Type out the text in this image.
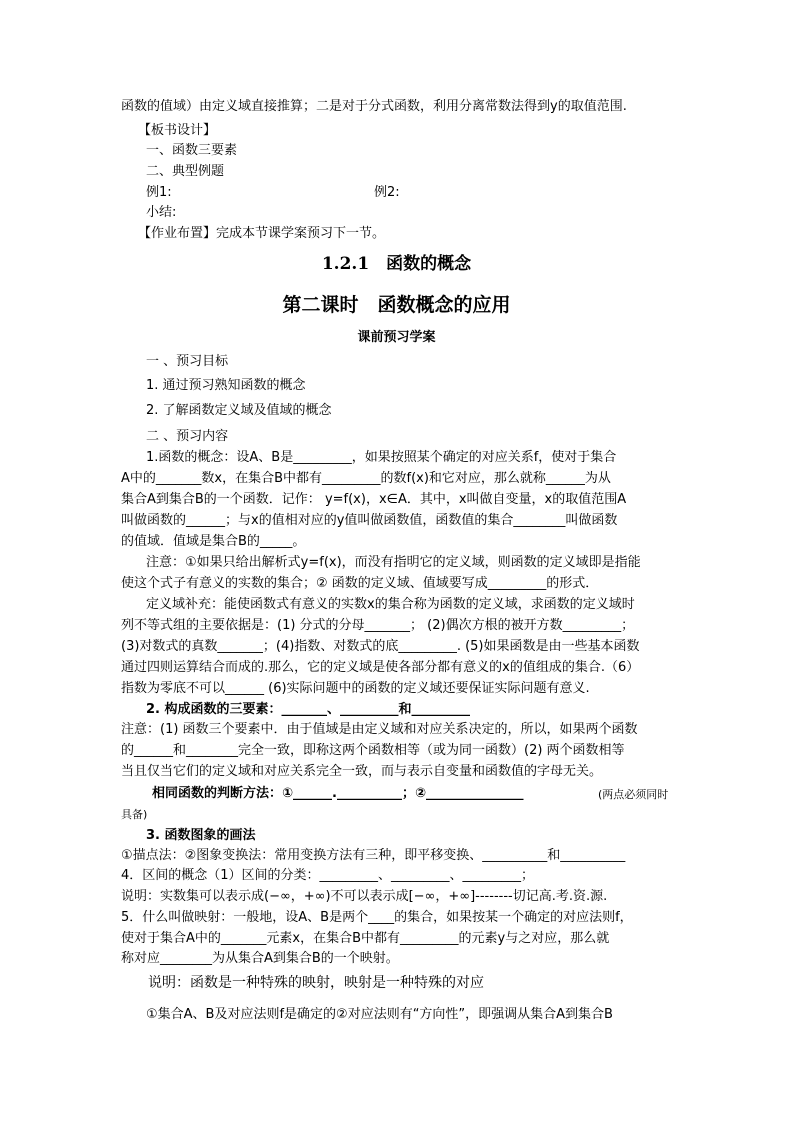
函数的值域）由定义域直接推算；二是对于分式函数，利用分离常数法得到y的取值范围.
【板书设计】
一、函数三要素
二、典型例题
例1:	例2:
小结:
【作业布置】完成本节课学案预习下一节。
1.2.1　函数的概念
第二课时　函数概念的应用
课前预习学案
一 、预习目标
1. 通过预习熟知函数的概念
2. 了解函数定义域及值域的概念
二 、预习内容
1.函数的概念：设A、B是_________，如果按照某个确定的对应关系f，使对于集合
A中的_______数x，在集合B中都有_________的数f(x)和它对应，那么就称______为从
集合A到集合B的一个函数．记作： y=f(x)，x∈A．其中，x叫做自变量，x的取值范围A
叫做函数的______；与x的值相对应的y值叫做函数值，函数值的集合________叫做函数
的值域．值域是集合B的_____。
注意：①如果只给出解析式y=f(x)，而没有指明它的定义域，则函数的定义域即是指能
使这个式子有意义的实数的集合；② 函数的定义域、值域要写成_________的形式．
定义域补充：能使函数式有意义的实数x的集合称为函数的定义域，求函数的定义域时
列不等式组的主要依据是：(1) 分式的分母_______； (2)偶次方根的被开方数_________；
(3)对数式的真数_______；(4)指数、对数式的底_________. (5)如果函数是由一些基本函数
通过四则运算结合而成的.那么，它的定义域是使各部分都有意义的x的值组成的集合.（6）
指数为零底不可以______ (6)实际问题中的函数的定义域还要保证实际问题有意义.
2. 构成函数的三要素：_______、_________和_________
注意：(1) 函数三个要素中．由于值域是由定义域和对应关系决定的，所以，如果两个函数
的______和________完全一致，即称这两个函数相等（或为同一函数）(2) 两个函数相等
当且仅当它们的定义域和对应关系完全一致，而与表示自变量和函数值的字母无关。
相同函数的判断方法：①______.__________；②_______________	(两点必须同时
具备)
3. 函数图象的画法
①描点法：②图象变换法：常用变换方法有三种，即平移变换、__________和__________
4．区间的概念（1）区间的分类：_________、_________、_________；
说明：实数集可以表示成(−∞，+∞)不可以表示成[−∞，+∞]--------切记高.考.资.源.
5．什么叫做映射：一般地，设A、B是两个____的集合，如果按某一个确定的对应法则f，
使对于集合A中的_______元素x，在集合B中都有_________的元素y与之对应，那么就
称对应________为从集合A到集合B的一个映射。
说明：函数是一种特殊的映射，映射是一种特殊的对应
①集合A、B及对应法则f是确定的②对应法则有“方向性”，即强调从集合A到集合B
